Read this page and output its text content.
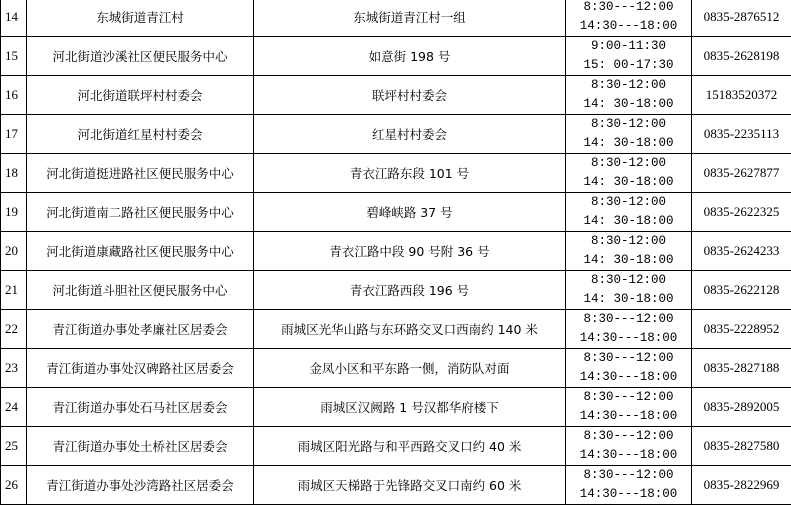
14	东城街道青江村	东城街道青江村一组	8:30---12:00
14:30---18:00	0835-2876512
15	河北街道沙溪社区便民服务中心	如意街 198 号	9:00-11:30
15: 00-17:30	0835-2628198
16	河北街道联坪村村委会	联坪村村委会	8:30-12:00
14: 30-18:00	15183520372
17	河北街道红星村村委会	红星村村委会	8:30-12:00
14: 30-18:00	0835-2235113
18	河北街道挺进路社区便民服务中心	青衣江路东段 101 号	8:30-12:00
14: 30-18:00	0835-2627877
19	河北街道南二路社区便民服务中心	碧峰峡路 37 号	8:30-12:00
14: 30-18:00	0835-2622325
20	河北街道康藏路社区便民服务中心	青衣江路中段 90 号附 36 号	8:30-12:00
14: 30-18:00	0835-2624233
21	河北街道斗胆社区便民服务中心	青衣江路西段 196 号	8:30-12:00
14: 30-18:00	0835-2622128
22	青江街道办事处孝廉社区居委会	雨城区光华山路与东环路交叉口西南约 140 米	8:30---12:00
14:30---18:00	0835-2228952
23	青江街道办事处汉碑路社区居委会	金凤小区和平东路一侧，消防队对面	8:30---12:00
14:30---18:00	0835-2827188
24	青江街道办事处石马社区居委会	雨城区汉阙路 1 号汉都华府楼下	8:30---12:00
14:30---18:00	0835-2892005
25	青江街道办事处土桥社区居委会	雨城区阳光路与和平西路交叉口约 40 米	8:30---12:00
14:30---18:00	0835-2827580
26	青江街道办事处沙湾路社区居委会	雨城区天梯路于先锋路交叉口南约 60 米	8:30---12:00
14:30---18:00	0835-2822969
